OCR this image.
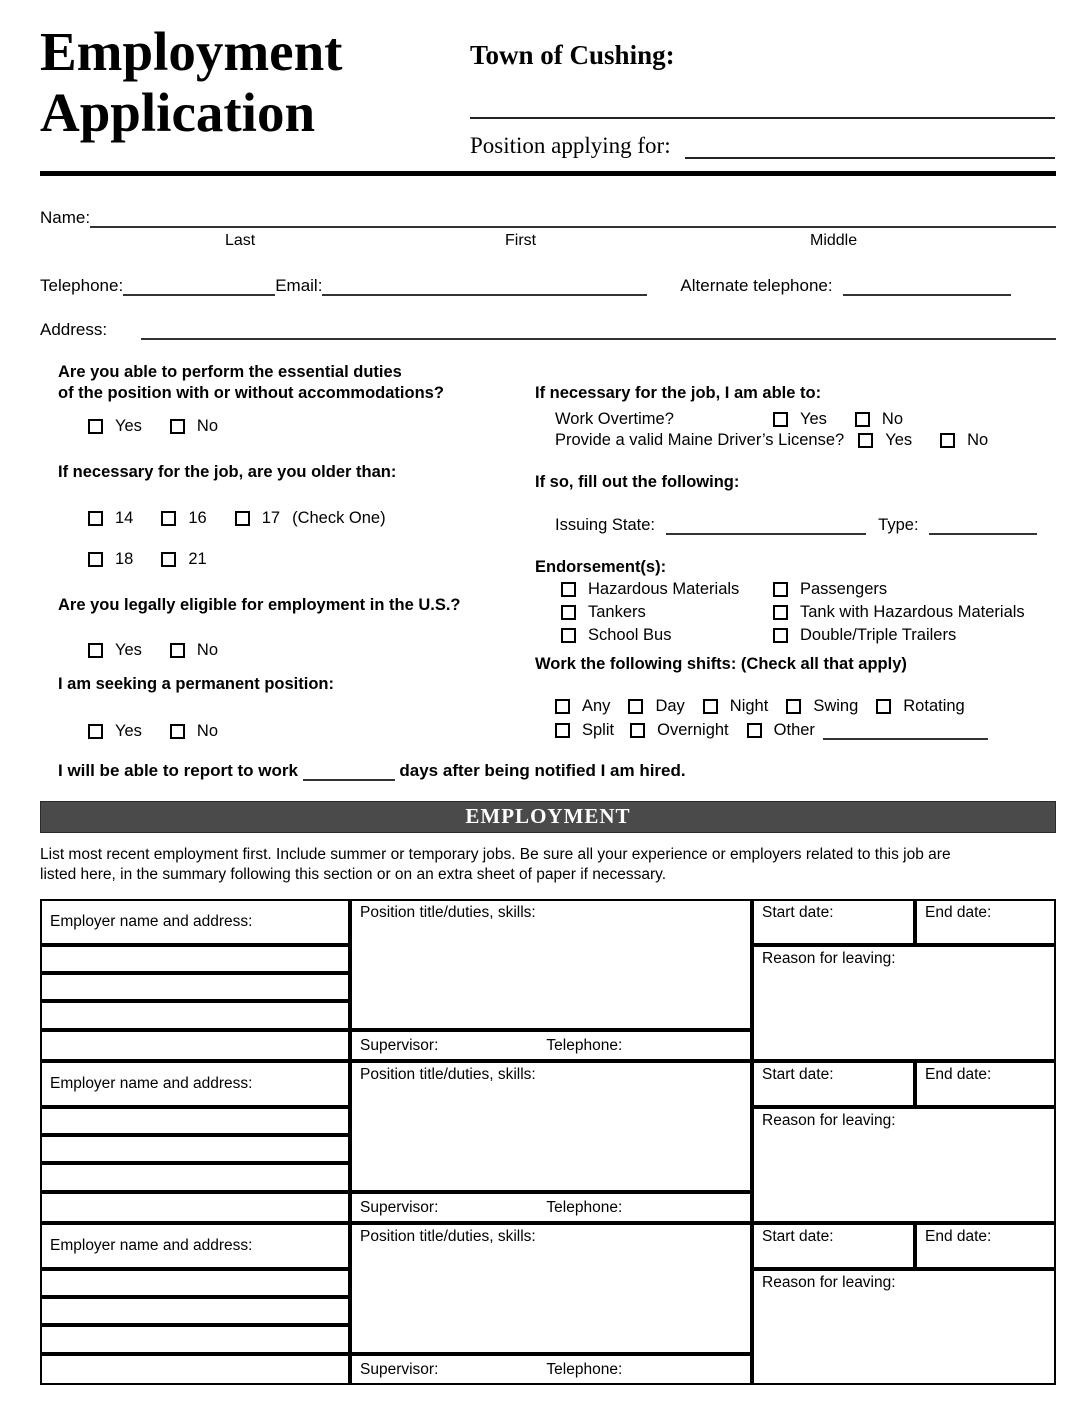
Employment
Application
Town of Cushing:
Position applying for:
Name:
Last	First	Middle
Telephone:	Email:	Alternate telephone:
Address:
Are you able to perform the essential duties
of the position with or without accommodations?
Yes	No
If necessary for the job, are you older than:
14	16	17 (Check One)
18	21
Are you legally eligible for employment in the U.S.?
Yes	No
I am seeking a permanent position:
Yes	No
If necessary for the job, I am able to:
Work Overtime?	Yes	No
Provide a valid Maine Driver’s License? Yes	No
If so, fill out the following:
Issuing State:	Type:
Endorsement(s):
Hazardous Materials	Passengers
Tankers	Tank with Hazardous Materials
School Bus	Double/Triple Trailers
Work the following shifts: (Check all that apply)
Any	Day	Night	Swing	Rotating
Split	Overnight	Other
I will be able to report to work	days after being notified I am hired.
EMPLOYMENT
List most recent employment first. Include summer or temporary jobs. Be sure all your experience or employers related to this job are
listed here, in the summary following this section or on an extra sheet of paper if necessary.
Employer name and address:
Position title/duties, skills:
Supervisor:	Telephone:
Start date:	End date:
Reason for leaving:
Employer name and address:
Position title/duties, skills:
Supervisor:	Telephone:
Start date:	End date:
Reason for leaving:
Employer name and address:
Position title/duties, skills:
Supervisor:	Telephone:
Start date:	End date:
Reason for leaving:
